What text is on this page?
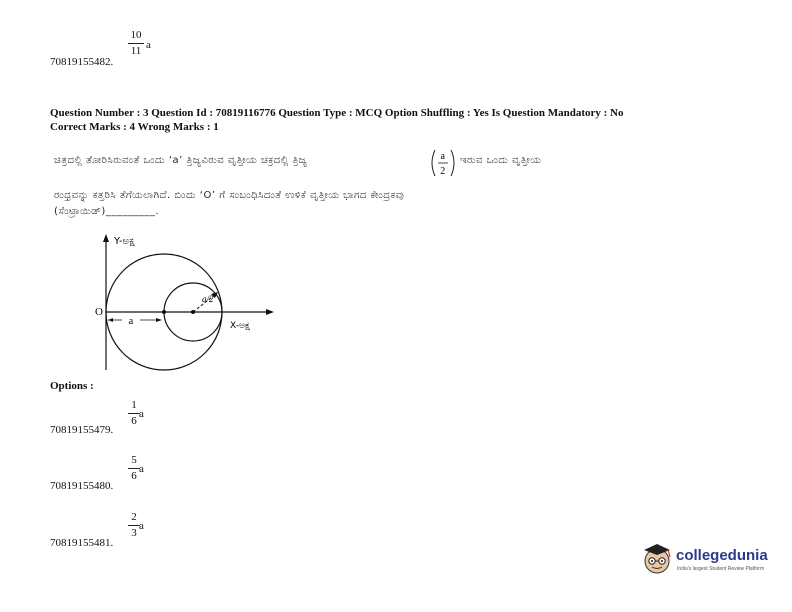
10
11 a
70819155482.
Question Number : 3 Question Id : 70819116776 Question Type : MCQ Option Shuffling : Yes Is Question Mandatory : No
Correct Marks : 4 Wrong Marks : 1
ಚಿತ್ರದಲ್ಲಿ ತೋರಿಸಿರುವಂತೆ ಒಂದು ‘a’ ತ್ರಿಜ್ಯವಿರುವ ವೃತ್ತೀಯ ಚಕ್ರದಲ್ಲಿ ತ್ರಿಜ್ಯ	a
2
ಇರುವ ಒಂದು ವೃತ್ತೀಯ
ರಂಧ್ರವನ್ನು ಕತ್ತರಿಸಿ ತೆಗೆಯಲಾಗಿದೆ. ಬಿಂದು ‘O’ ಗೆ ಸಂಬಂಧಿಸಿದಂತೆ ಉಳಿಕೆ ವೃತ್ತೀಯ ಭಾಗದ ಕೇಂದ್ರಕವು
(ಸೆಂಟ್ರಾಯಿಡ್)_________.
a
O
a/2
Y-ಅಕ್ಷ
X-ಅಕ್ಷ
Options :
1
6
a
70819155479.
5
6
a
70819155480.
2
3
a
70819155481.
collegedunia
India's largest Student Review Platform
